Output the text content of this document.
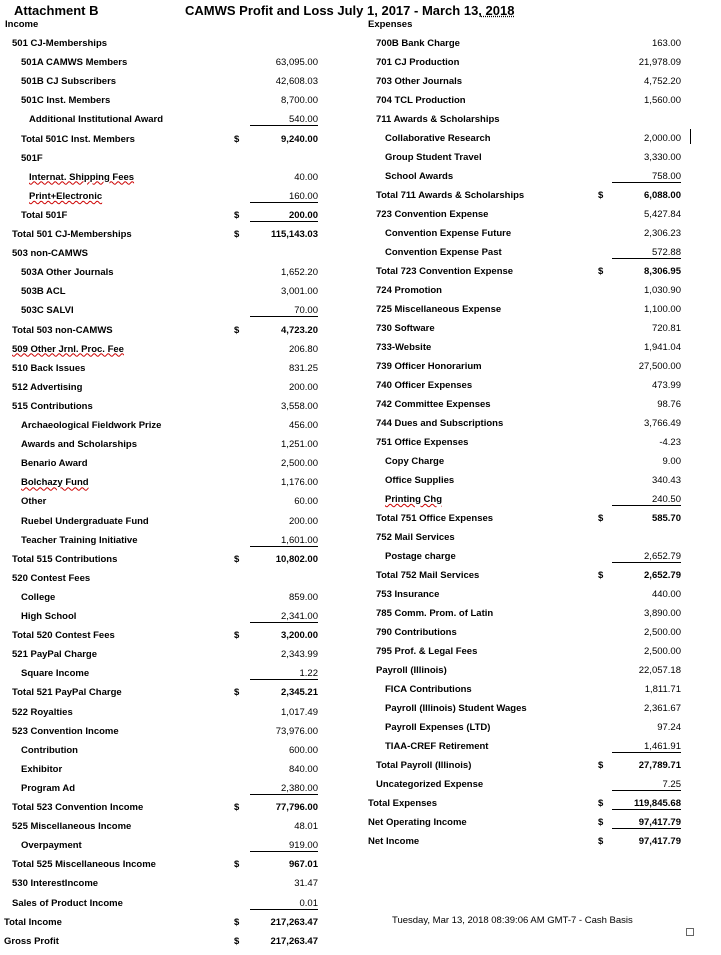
Attachment B	CAMWS Profit and Loss July 1, 2017 - March 13, 2018
Income	Expenses
501 CJ-Memberships
501A CAMWS Members	63,095.00
501B CJ Subscribers	42,608.03
501C Inst. Members	8,700.00
Additional Institutional Award	540.00
Total 501C Inst. Members	$	9,240.00
501F
Internat. Shipping Fees	40.00
Print+Electronic	160.00
Total 501F	$	200.00
Total 501 CJ-Memberships	$	115,143.03
503 non-CAMWS
503A Other Journals	1,652.20
503B ACL	3,001.00
503C SALVI	70.00
Total 503 non-CAMWS	$	4,723.20
509 Other Jrnl. Proc. Fee	206.80
510 Back Issues	831.25
512 Advertising	200.00
515 Contributions	3,558.00
Archaeological Fieldwork Prize	456.00
Awards and Scholarships	1,251.00
Benario Award	2,500.00
Bolchazy Fund	1,176.00
Other	60.00
Ruebel Undergraduate Fund	200.00
Teacher Training Initiative	1,601.00
Total 515 Contributions	$	10,802.00
520 Contest Fees
College	859.00
High School	2,341.00
Total 520 Contest Fees	$	3,200.00
521 PayPal Charge	2,343.99
Square Income	1.22
Total 521 PayPal Charge	$	2,345.21
522 Royalties	1,017.49
523 Convention Income	73,976.00
Contribution	600.00
Exhibitor	840.00
Program Ad	2,380.00
Total 523 Convention Income	$	77,796.00
525 Miscellaneous Income	48.01
Overpayment	919.00
Total 525 Miscellaneous Income	$	967.01
530 InterestIncome	31.47
Sales of Product Income	0.01
Total Income	$	217,263.47
Gross Profit	$	217,263.47
700B Bank Charge	163.00
701 CJ Production	21,978.09
703 Other Journals	4,752.20
704 TCL Production	1,560.00
711 Awards & Scholarships
Collaborative Research	2,000.00
Group Student Travel	3,330.00
School Awards	758.00
Total 711 Awards & Scholarships	$	6,088.00
723 Convention Expense	5,427.84
Convention Expense Future	2,306.23
Convention Expense Past	572.88
Total 723 Convention Expense	$	8,306.95
724 Promotion	1,030.90
725 Miscellaneous Expense	1,100.00
730 Software	720.81
733-Website	1,941.04
739 Officer Honorarium	27,500.00
740 Officer Expenses	473.99
742 Committee Expenses	98.76
744 Dues and Subscriptions	3,766.49
751 Office Expenses	-4.23
Copy Charge	9.00
Office Supplies	340.43
Printing Chg	240.50
Total 751 Office Expenses	$	585.70
752 Mail Services
Postage charge	2,652.79
Total 752 Mail Services	$	2,652.79
753 Insurance	440.00
785 Comm. Prom. of Latin	3,890.00
790 Contributions	2,500.00
795 Prof. & Legal Fees	2,500.00
Payroll (Illinois)	22,057.18
FICA Contributions	1,811.71
Payroll (Illinois) Student Wages	2,361.67
Payroll Expenses (LTD)	97.24
TIAA-CREF Retirement	1,461.91
Total Payroll (Illinois)	$	27,789.71
Uncategorized Expense	7.25
Total Expenses	$	119,845.68
Net Operating Income	$	97,417.79
Net Income	$	97,417.79
Tuesday, Mar 13, 2018 08:39:06 AM GMT-7 - Cash Basis
